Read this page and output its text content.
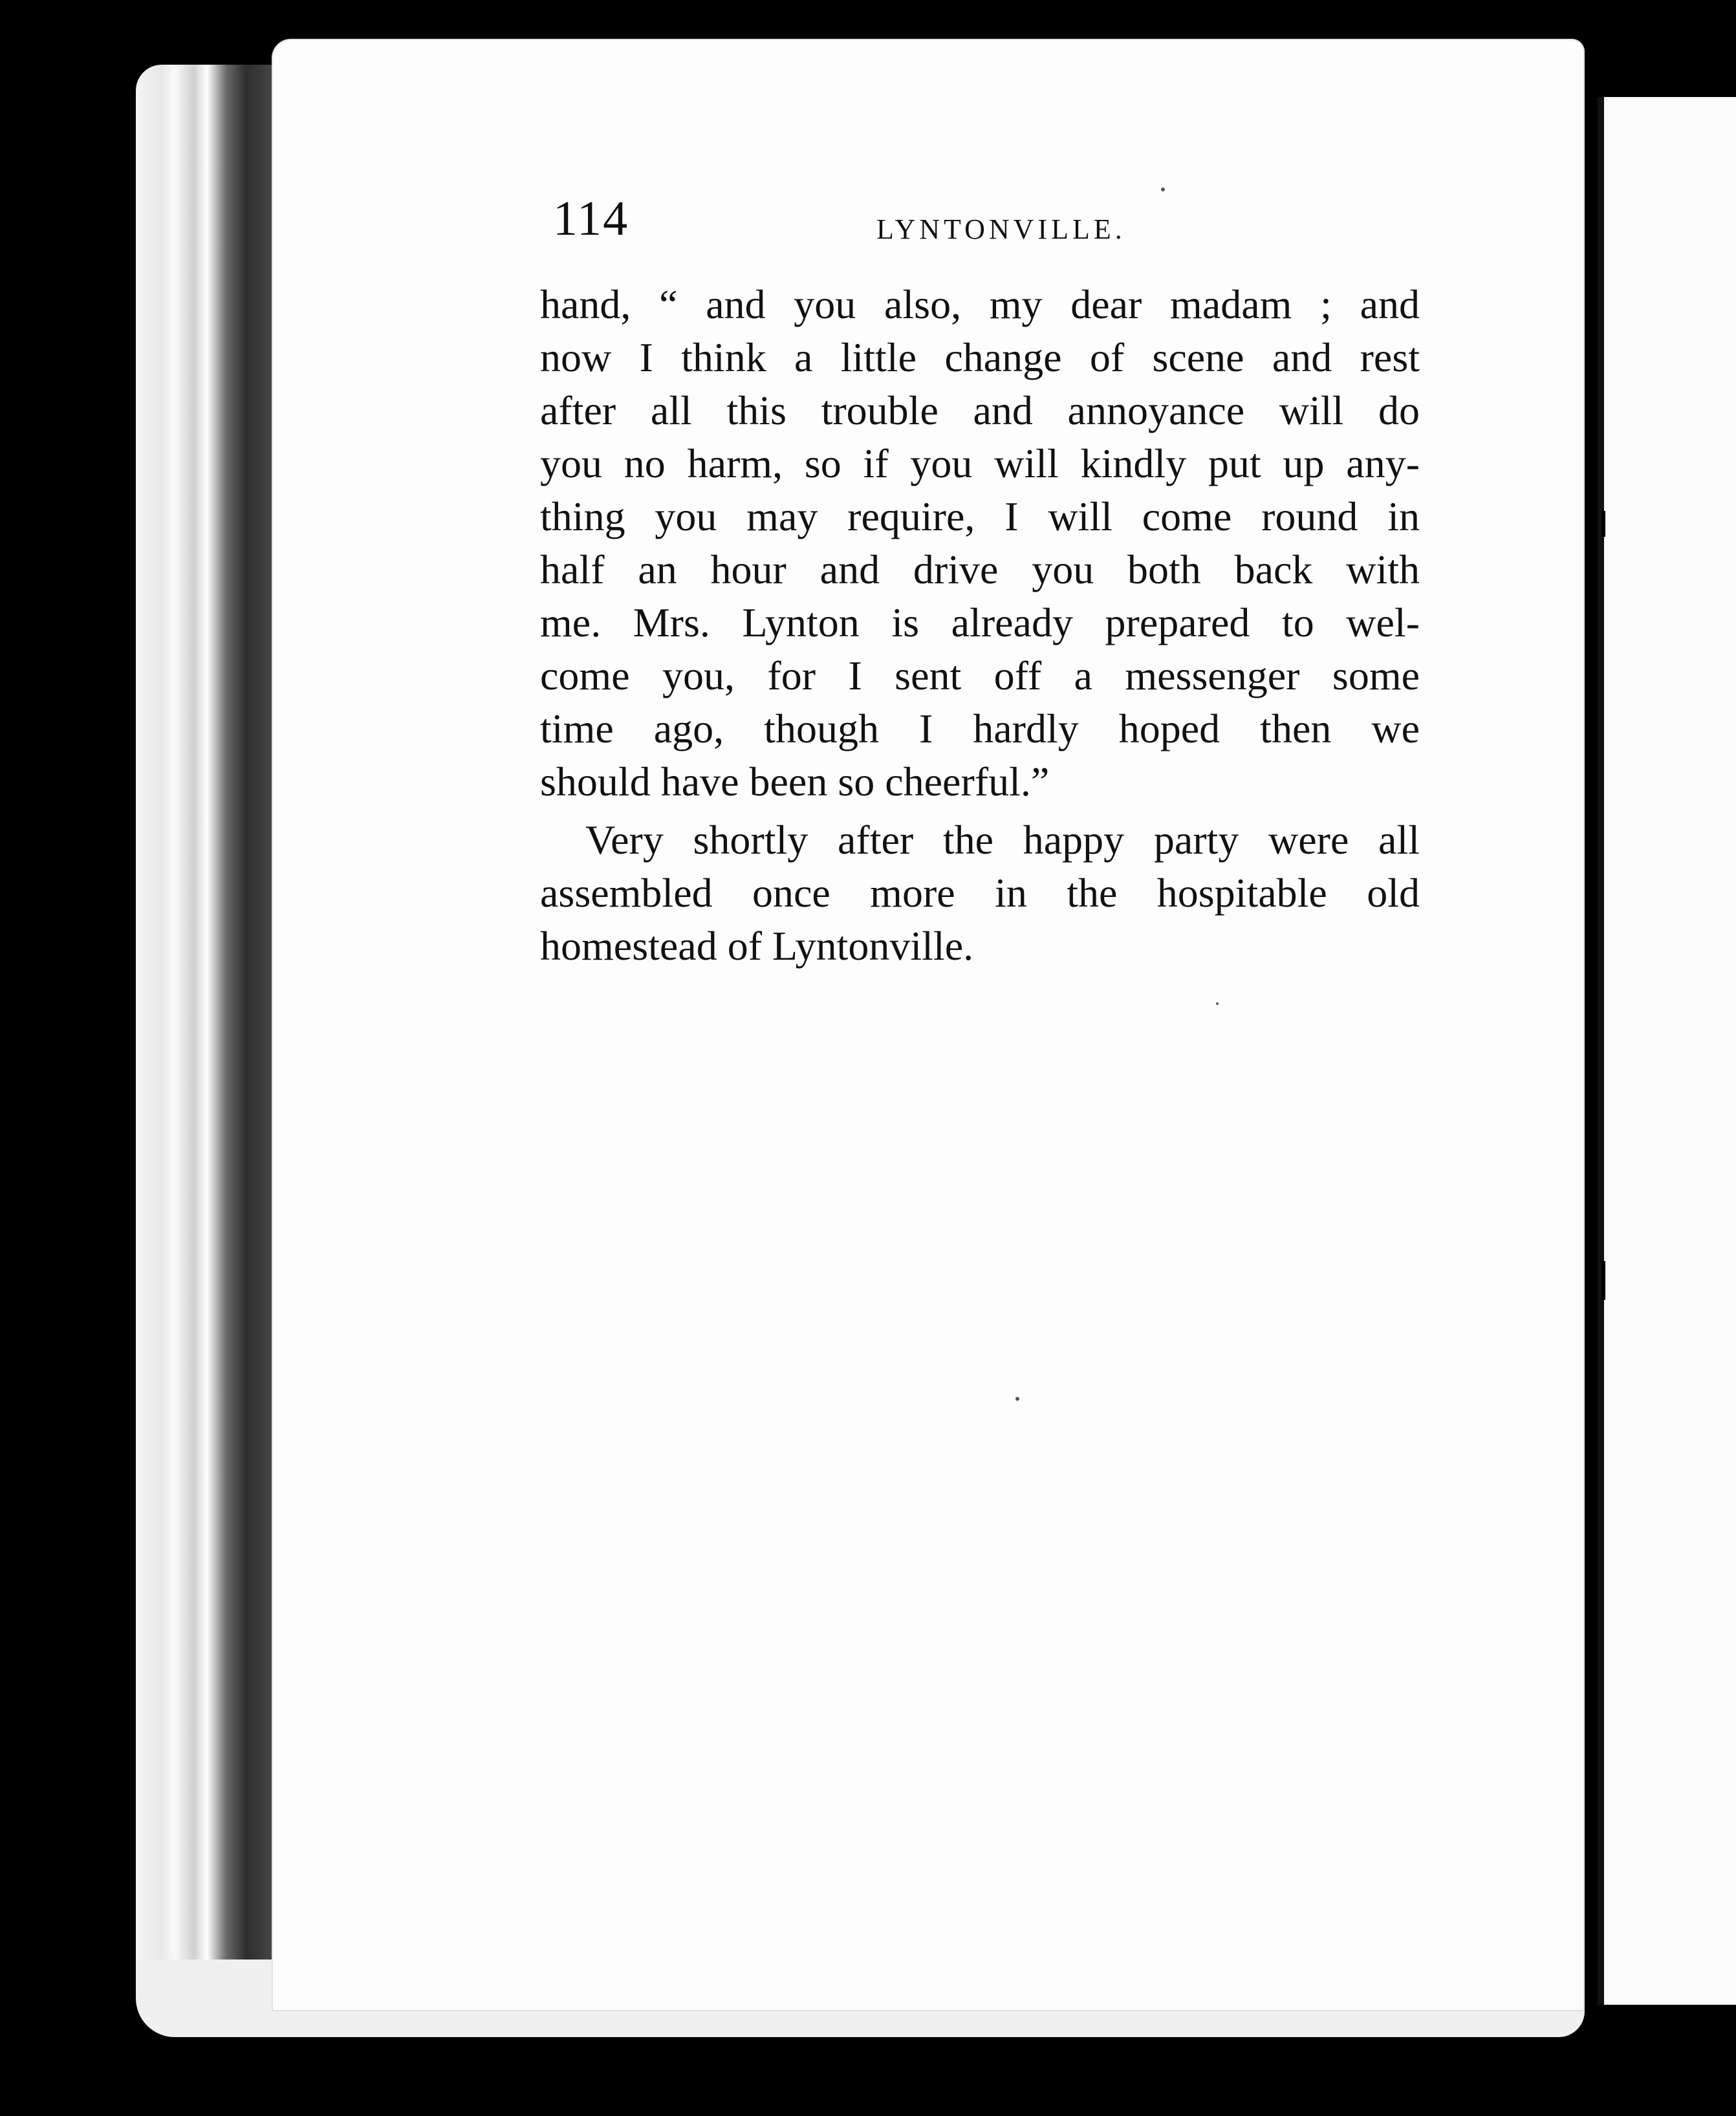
114	LYNTONVILLE.
hand, “ and you also, my dear madam ; and
now I think a little change of scene and rest
after all this trouble and annoyance will do
you no harm, so if you will kindly put up any-
thing you may require, I will come round in
half an hour and drive you both back with
me. Mrs. Lynton is already prepared to wel-
come you, for I sent off a messenger some
time ago, though I hardly hoped then we
should have been so cheerful.”
Very shortly after the happy party were all
assembled once more in the hospitable old
homestead of Lyntonville.
